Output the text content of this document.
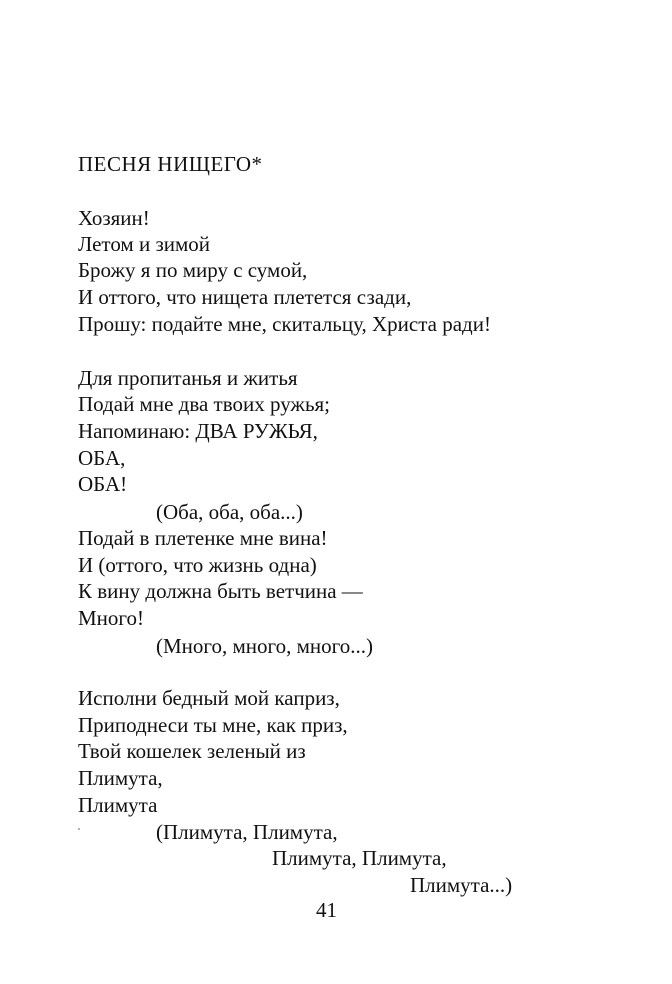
ПЕСНЯ НИЩЕГО*
Хозяин!
Летом и зимой
Брожу я по миру с сумой,
И оттого, что нищета плетется сзади,
Прошу: подайте мне, скитальцу, Христа ради!
Для пропитанья и житья
Подай мне два твоих ружья;
Напоминаю: ДВА РУЖЬЯ,
ОБА,
ОБА!
(Оба, оба, оба...)
Подай в плетенке мне вина!
И (оттого, что жизнь одна)
К вину должна быть ветчина —
Много!
(Много, много, много...)
Исполни бедный мой каприз,
Приподнеси ты мне, как приз,
Твой кошелек зеленый из
Плимута,
Плимута
(Плимута, Плимута,
Плимута, Плимута,
Плимута...)
41
